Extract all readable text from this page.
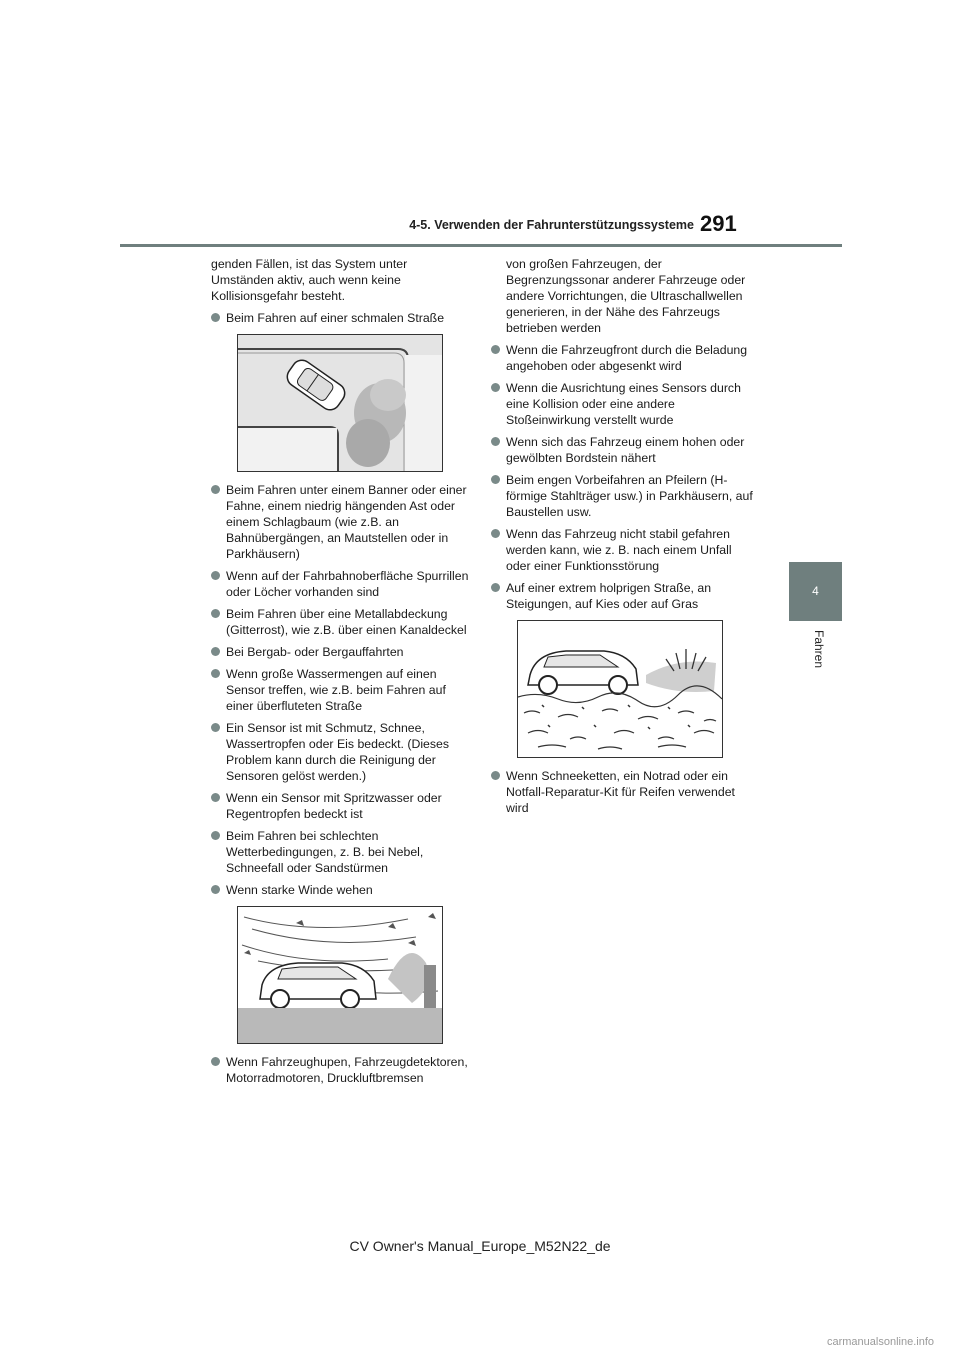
4-5. Verwenden der Fahrunterstützungssysteme 291
4
Fahren

genden Fällen, ist das System unter Umständen aktiv, auch wenn keine Kollisionsgefahr besteht.

Beim Fahren auf einer schmalen Straße
Beim Fahren unter einem Banner oder einer Fahne, einem niedrig hängenden Ast oder einem Schlagbaum (wie z.B. an Bahnübergängen, an Mautstellen oder in Parkhäusern)
Wenn auf der Fahrbahnoberfläche Spurrillen oder Löcher vorhanden sind
Beim Fahren über eine Metallabdeckung (Gitterrost), wie z.B. über einen Kanaldeckel
Bei Bergab- oder Bergauffahrten
Wenn große Wassermengen auf einen Sensor treffen, wie z.B. beim Fahren auf einer überfluteten Straße
Ein Sensor ist mit Schmutz, Schnee, Wassertropfen oder Eis bedeckt. (Dieses Problem kann durch die Reinigung der Sensoren gelöst werden.)
Wenn ein Sensor mit Spritzwasser oder Regentropfen bedeckt ist
Beim Fahren bei schlechten Wetterbedingungen, z. B. bei Nebel, Schneefall oder Sandstürmen
Wenn starke Winde wehen
Wenn Fahrzeughupen, Fahrzeugdetektoren, Motorradmotoren, Druckluftbremsen

von großen Fahrzeugen, der Begrenzungssonar anderer Fahrzeuge oder andere Vorrichtungen, die Ultraschallwellen generieren, in der Nähe des Fahrzeugs betrieben werden

Wenn die Fahrzeugfront durch die Beladung angehoben oder abgesenkt wird
Wenn die Ausrichtung eines Sensors durch eine Kollision oder eine andere Stoßeinwirkung verstellt wurde
Wenn sich das Fahrzeug einem hohen oder gewölbten Bordstein nähert
Beim engen Vorbeifahren an Pfeilern (H-förmige Stahlträger usw.) in Parkhäusern, auf Baustellen usw.
Wenn das Fahrzeug nicht stabil gefahren werden kann, wie z. B. nach einem Unfall oder einer Funktionsstörung
Auf einer extrem holprigen Straße, an Steigungen, auf Kies oder auf Gras
Wenn Schneeketten, ein Notrad oder ein Notfall-Reparatur-Kit für Reifen verwendet wird
CV Owner's Manual_Europe_M52N22_de
carmanualsonline.info
